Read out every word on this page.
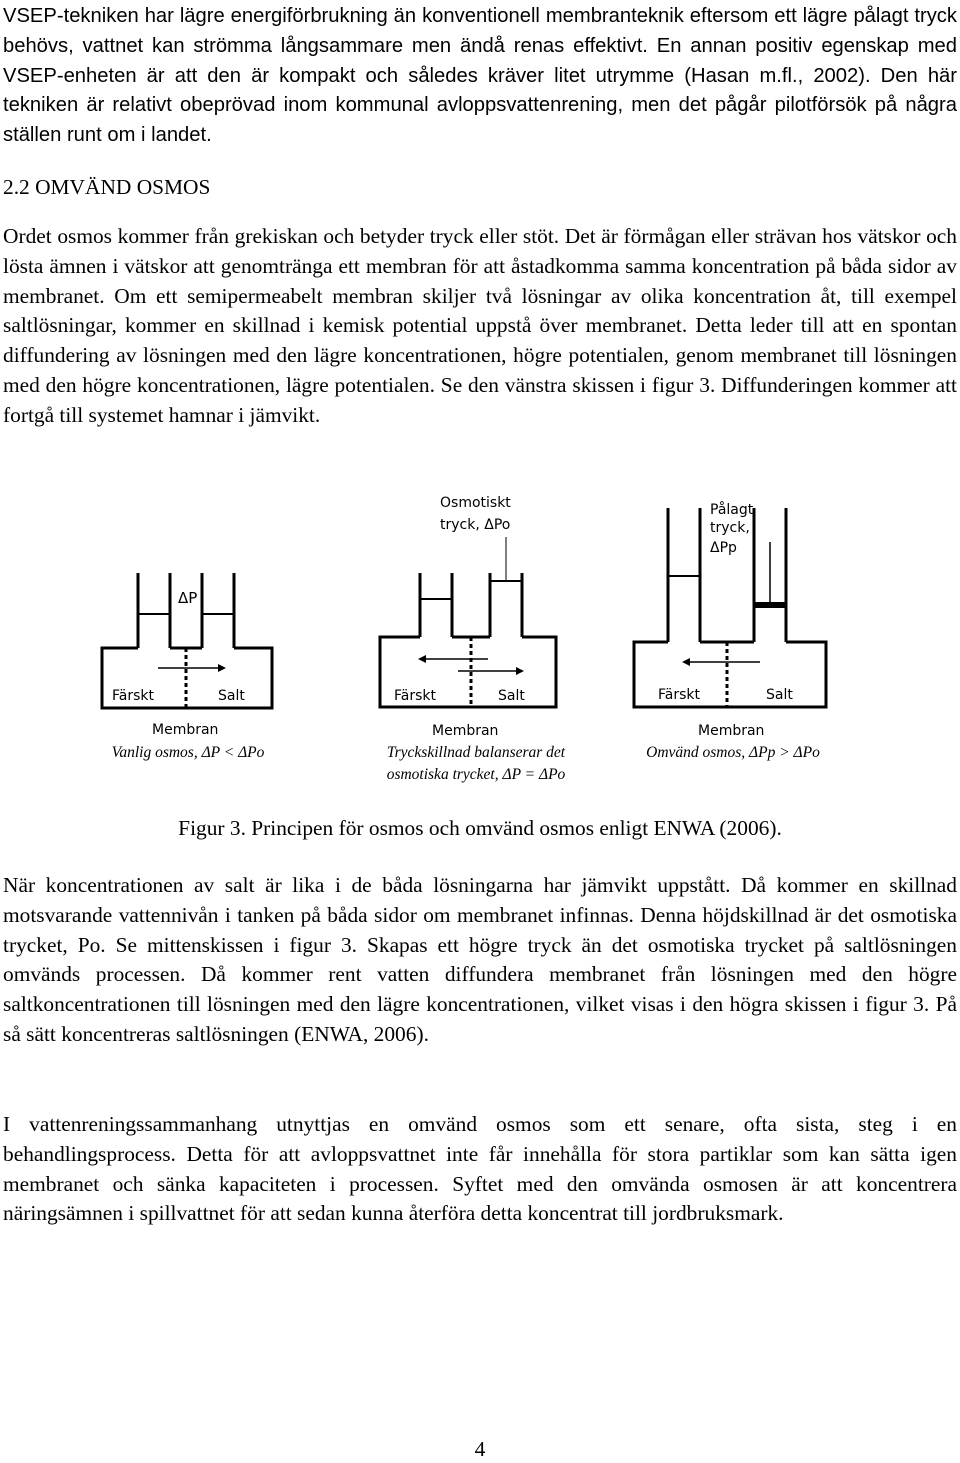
VSEP-tekniken har lägre energiförbrukning än konventionell membranteknik eftersom ett lägre pålagt tryck behövs, vattnet kan strömma långsammare men ändå renas effektivt. En annan positiv egenskap med VSEP-enheten är att den är kompakt och således kräver litet utrymme (Hasan m.fl., 2002). Den här tekniken är relativt obeprövad inom kommunal avloppsvattenrening, men det pågår pilotförsök på några ställen runt om i landet.

2.2 OMVÄND OSMOS

Ordet osmos kommer från grekiskan och betyder tryck eller stöt. Det är förmågan eller strävan hos vätskor och lösta ämnen i vätskor att genomtränga ett membran för att åstadkomma samma koncentration på båda sidor av membranet. Om ett semipermeabelt membran skiljer två lösningar av olika koncentration åt, till exempel saltlösningar, kommer en skillnad i kemisk potential uppstå över membranet. Detta leder till att en spontan diffundering av lösningen med den lägre koncentrationen, högre potentialen, genom membranet till lösningen med den högre koncentrationen, lägre potentialen. Se den vänstra skissen i figur 3. Diffunderingen kommer att fortgå till systemet hamnar i jämvikt.

ΔP
Färskt	Salt
Membran
Osmotiskt
tryck, ΔPo
Färskt	Salt
Membran
Pålagt
tryck,
ΔPp
Färskt	Salt
Membran

Vanlig osmos, ΔP < ΔPo	Tryckskillnad balanserar det
osmotiska trycket, ΔP = ΔPo

Omvänd osmos, ΔPp > ΔPo

Figur 3. Principen för osmos och omvänd osmos enligt ENWA (2006).

När koncentrationen av salt är lika i de båda lösningarna har jämvikt uppstått. Då kommer en skillnad motsvarande vattennivån i tanken på båda sidor om membranet infinnas. Denna höjdskillnad är det osmotiska trycket, Po. Se mittenskissen i figur 3. Skapas ett högre tryck än det osmotiska trycket på saltlösningen omvänds processen. Då kommer rent vatten diffundera membranet från lösningen med den högre saltkoncentrationen till lösningen med den lägre koncentrationen, vilket visas i den högra skissen i figur 3. På så sätt koncentreras saltlösningen (ENWA, 2006).

I vattenreningssammanhang utnyttjas en omvänd osmos som ett senare, ofta sista, steg i en behandlingsprocess. Detta för att avloppsvattnet inte får innehålla för stora partiklar som kan sätta igen membranet och sänka kapaciteten i processen. Syftet med den omvända osmosen är att koncentrera näringsämnen i spillvattnet för att sedan kunna återföra detta koncentrat till jordbruksmark.

4
